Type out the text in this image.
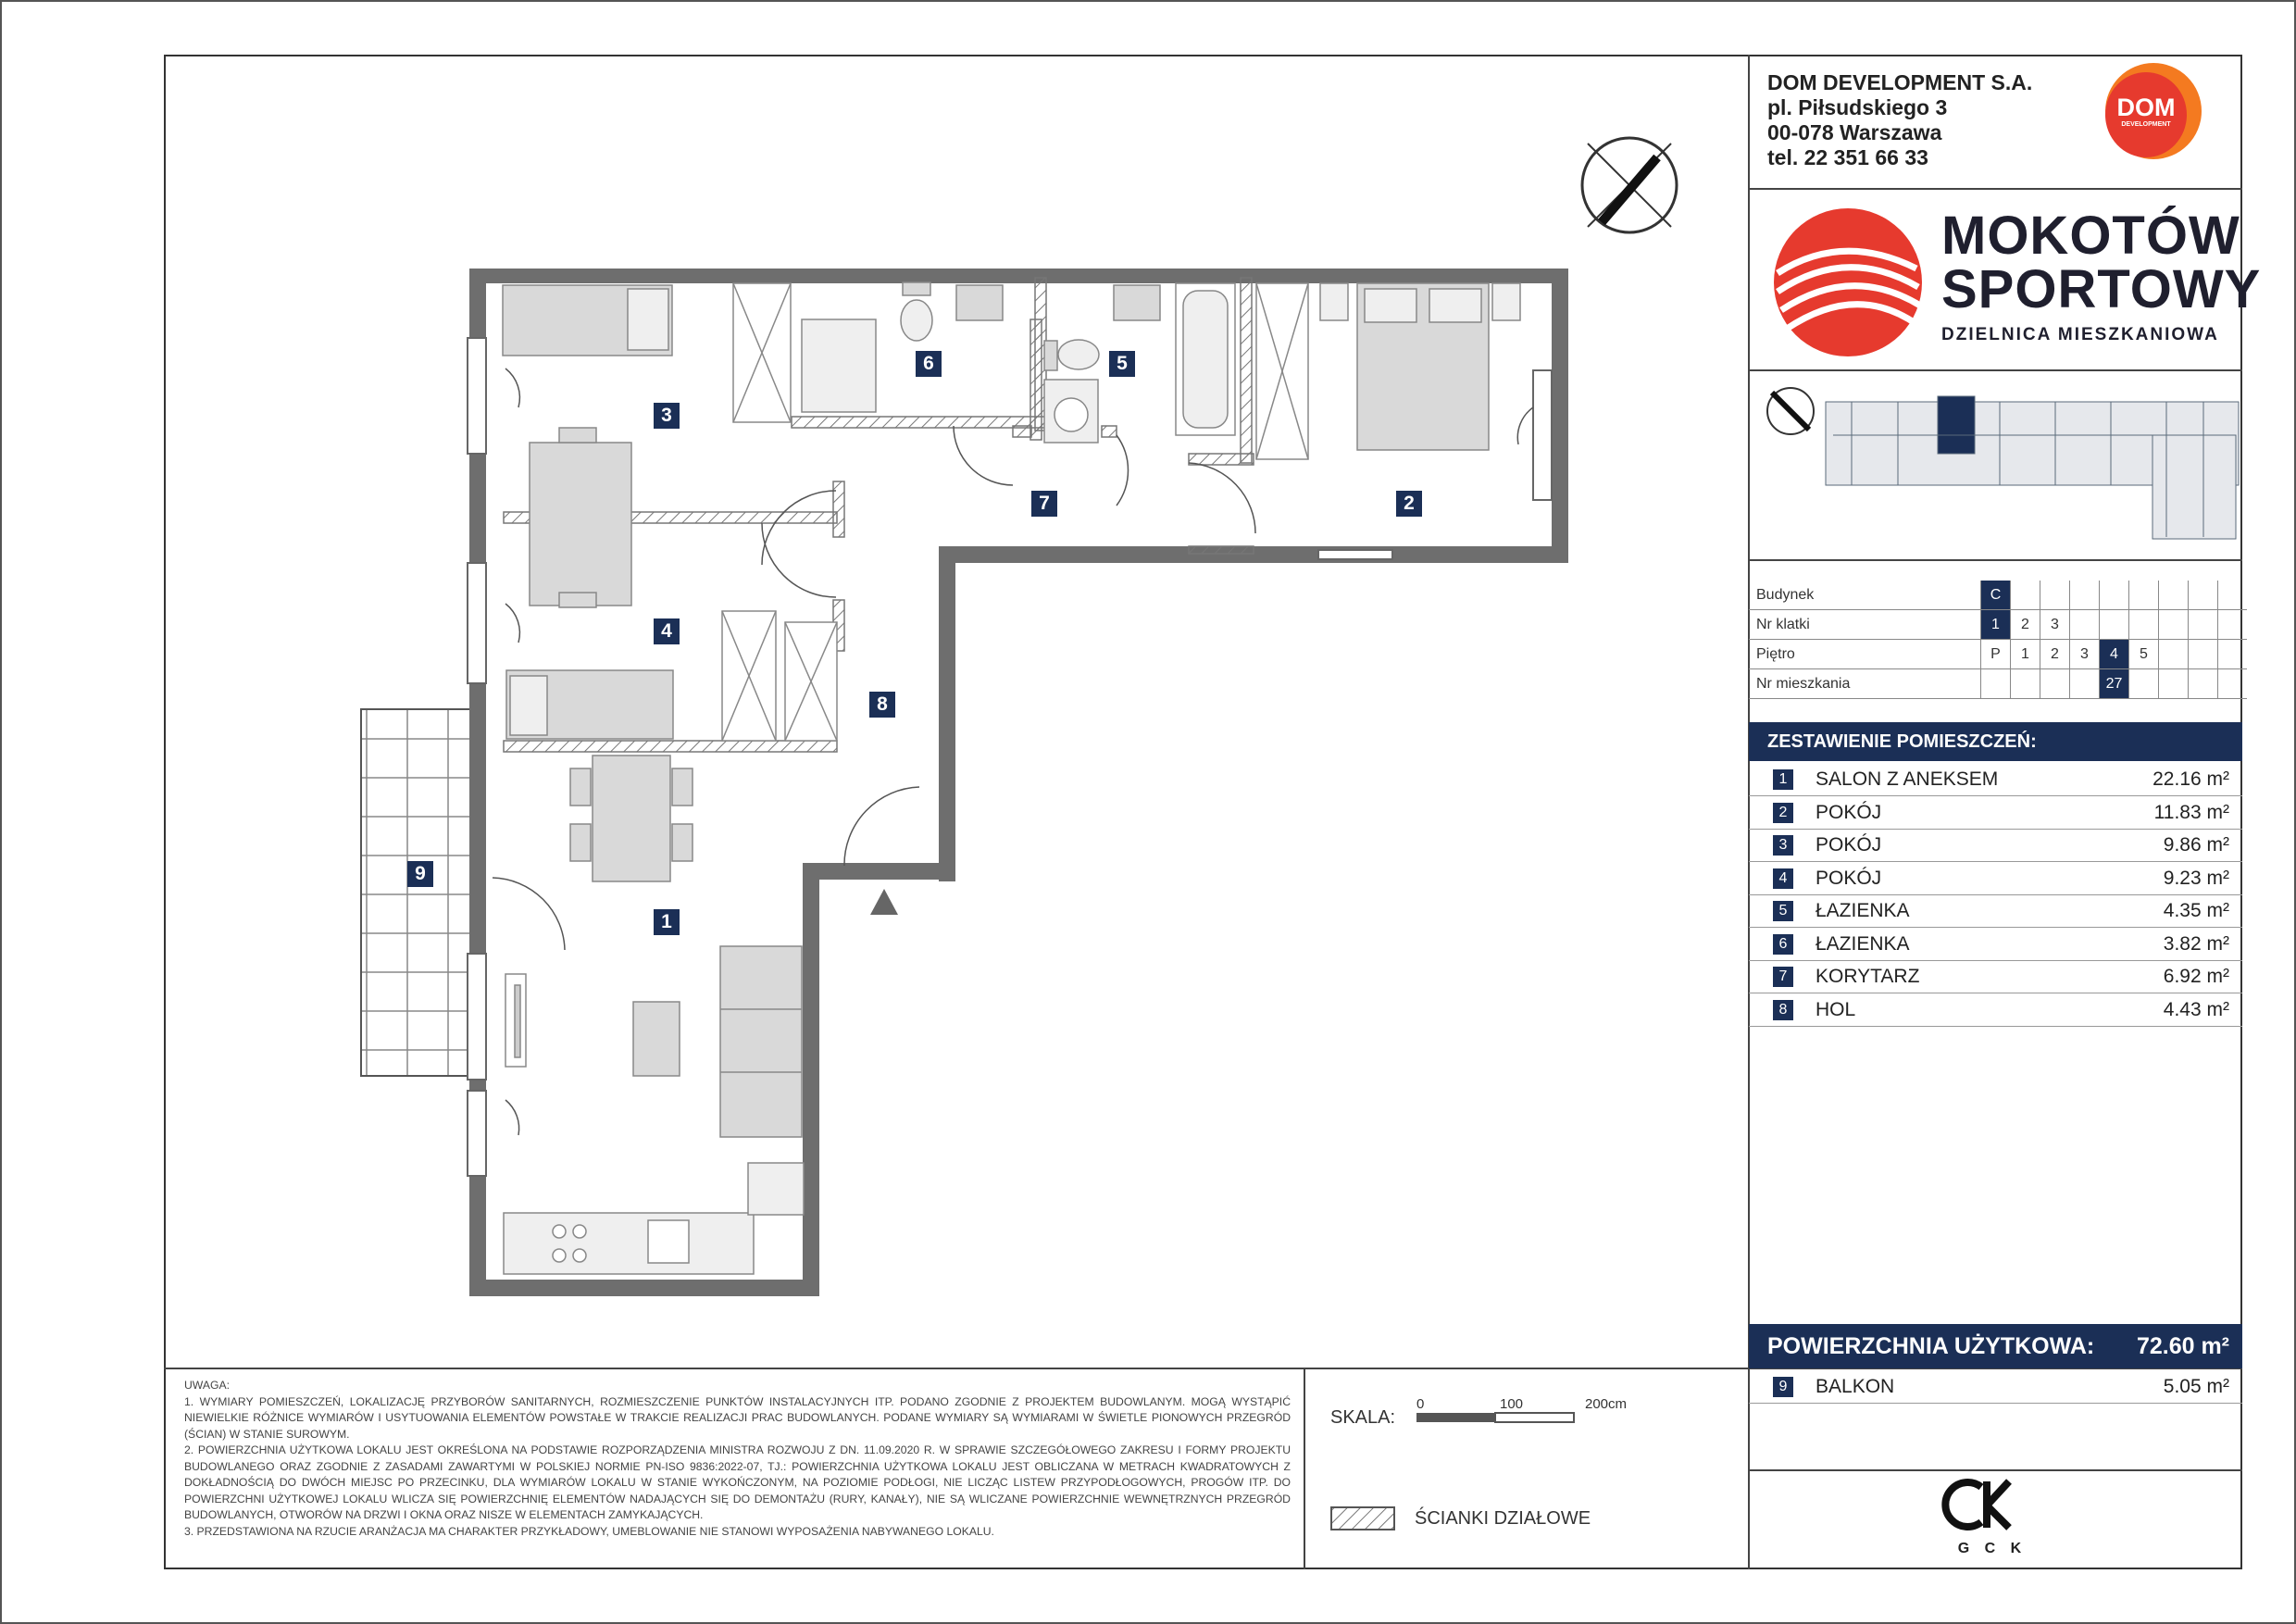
1
2
3
4
5
6
7
8
9
DOM DEVELOPMENT S.A.
pl. Piłsudskiego 3
00-078 Warszawa
tel. 22 351 66 33
DOM
DEVELOPMENT
MOKOTÓW
SPORTOWY
DZIELNICA MIESZKANIOWA
Budynek	C								
Nr klatki	1	2	3						
Piętro	P	1	2	3	4	5			
Nr mieszkania					27				
ZESTAWIENIE POMIESZCZEŃ:
1	SALON Z ANEKSEM	22.16 m²
2	POKÓJ	11.83 m²
3	POKÓJ	9.86 m²
4	POKÓJ	9.23 m²
5	ŁAZIENKA	4.35 m²
6	ŁAZIENKA	3.82 m²
7	KORYTARZ	6.92 m²
8	HOL	4.43 m²
POWIERZCHNIA UŻYTKOWA: 72.60 m²
9	BALKON	5.05 m²
UWAGA:
1. WYMIARY POMIESZCZEŃ, LOKALIZACJĘ PRZYBORÓW SANITARNYCH, ROZMIESZCZENIE PUNKTÓW INSTALACYJNYCH ITP. PODANO ZGODNIE Z PROJEKTEM BUDOWLANYM. MOGĄ WYSTĄPIĆ NIEWIELKIE RÓŻNICE WYMIARÓW I USYTUOWANIA ELEMENTÓW POWSTAŁE W TRAKCIE REALIZACJI PRAC BUDOWLANYCH. PODANE WYMIARY SĄ WYMIARAMI W ŚWIETLE PIONOWYCH PRZEGRÓD (ŚCIAN) W STANIE SUROWYM.
2. POWIERZCHNIA UŻYTKOWA LOKALU JEST OKREŚLONA NA PODSTAWIE ROZPORZĄDZENIA MINISTRA ROZWOJU Z DN. 11.09.2020 R. W SPRAWIE SZCZEGÓŁOWEGO ZAKRESU I FORMY PROJEKTU BUDOWLANEGO ORAZ ZGODNIE Z ZASADAMI ZAWARTYMI W POLSKIEJ NORMIE PN-ISO 9836:2022-07, TJ.: POWIERZCHNIA UŻYTKOWA LOKALU JEST OBLICZANA W METRACH KWADRATOWYCH Z DOKŁADNOŚCIĄ DO DWÓCH MIEJSC PO PRZECINKU, DLA WYMIARÓW LOKALU W STANIE WYKOŃCZONYM, NA POZIOMIE PODŁOGI, NIE LICZĄC LISTEW PRZYPODŁOGOWYCH, PROGÓW ITP. DO POWIERZCHNI UŻYTKOWEJ LOKALU WLICZA SIĘ POWIERZCHNIĘ ELEMENTÓW NADAJĄCYCH SIĘ DO DEMONTAŻU (RURY, KANAŁY), NIE SĄ WLICZANE POWIERZCHNIE WEWNĘTRZNYCH PRZEGRÓD BUDOWLANYCH, OTWORÓW NA DRZWI I OKNA ORAZ NISZE W ELEMENTACH ZAMYKAJĄCYCH.
3. PRZEDSTAWIONA NA RZUCIE ARANŻACJA MA CHARAKTER PRZYKŁADOWY, UMEBLOWANIE NIE STANOWI WYPOSAŻENIA NABYWANEGO LOKALU.
SKALA:
0	100	200cm
ŚCIANKI DZIAŁOWE
G C K
